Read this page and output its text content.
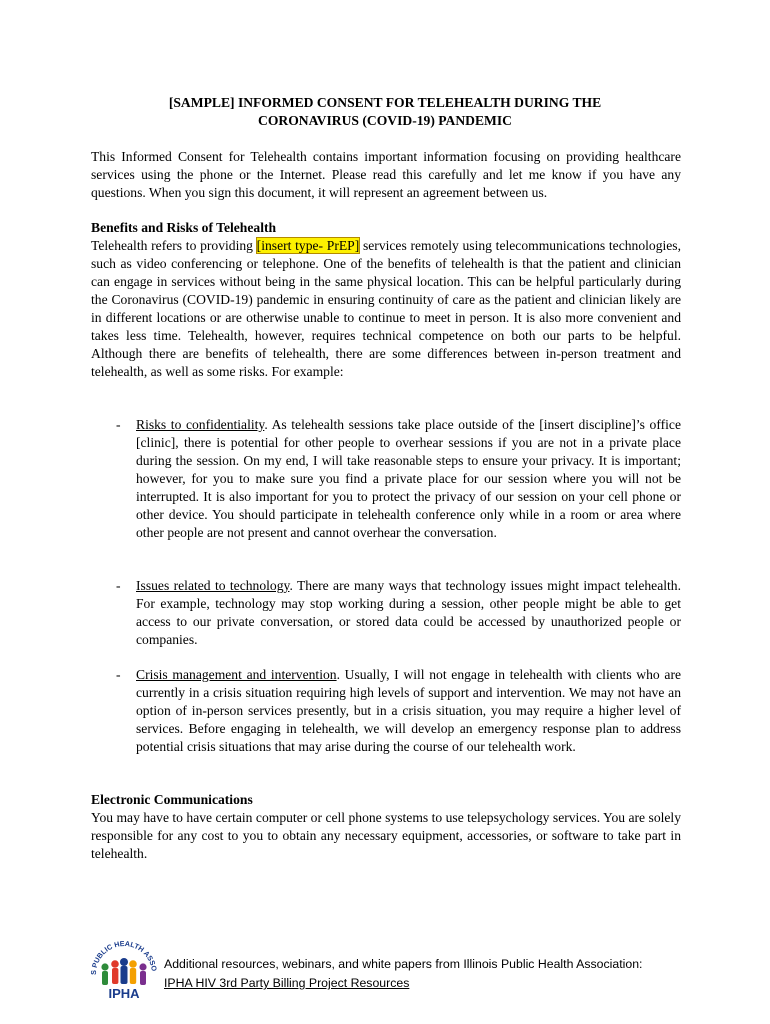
[SAMPLE] INFORMED CONSENT FOR TELEHEALTH DURING THE
CORONAVIRUS (COVID-19) PANDEMIC

This Informed Consent for Telehealth contains important information focusing on providing healthcare services using the phone or the Internet. Please read this carefully and let me know if you have any questions. When you sign this document, it will represent an agreement between us.

Benefits and Risks of Telehealth
Telehealth refers to providing [insert type- PrEP] services remotely using telecommunications technologies, such as video conferencing or telephone. One of the benefits of telehealth is that the patient and clinician can engage in services without being in the same physical location. This can be helpful particularly during the Coronavirus (COVID-19) pandemic in ensuring continuity of care as the patient and clinician likely are in different locations or are otherwise unable to continue to meet in person. It is also more convenient and takes less time. Telehealth, however, requires technical competence on both our parts to be helpful. Although there are benefits of telehealth, there are some differences between in-person treatment and telehealth, as well as some risks. For example:

- Risks to confidentiality. As telehealth sessions take place outside of the [insert discipline]’s office [clinic], there is potential for other people to overhear sessions if you are not in a private place during the session. On my end, I will take reasonable steps to ensure your privacy. It is important; however, for you to make sure you find a private place for our session where you will not be interrupted. It is also important for you to protect the privacy of our session on your cell phone or other device. You should participate in telehealth conference only while in a room or area where other people are not present and cannot overhear the conversation.
- Issues related to technology. There are many ways that technology issues might impact telehealth. For example, technology may stop working during a session, other people might be able to get access to our private conversation, or stored data could be accessed by unauthorized people or companies.
- Crisis management and intervention. Usually, I will not engage in telehealth with clients who are currently in a crisis situation requiring high levels of support and intervention. We may not have an option of in-person services presently, but in a crisis situation, you may require a higher level of services. Before engaging in telehealth, we will develop an emergency response plan to address potential crisis situations that may arise during the course of our telehealth work.

Electronic Communications
You may have to have certain computer or cell phone systems to use telepsychology services. You are solely responsible for any cost to you to obtain any necessary equipment, accessories, or software to take part in telehealth.

S PUBLIC HEALTH ASSO
IPHA
Additional resources, webinars, and white papers from Illinois Public Health Association:
IPHA HIV 3rd Party Billing Project Resources
